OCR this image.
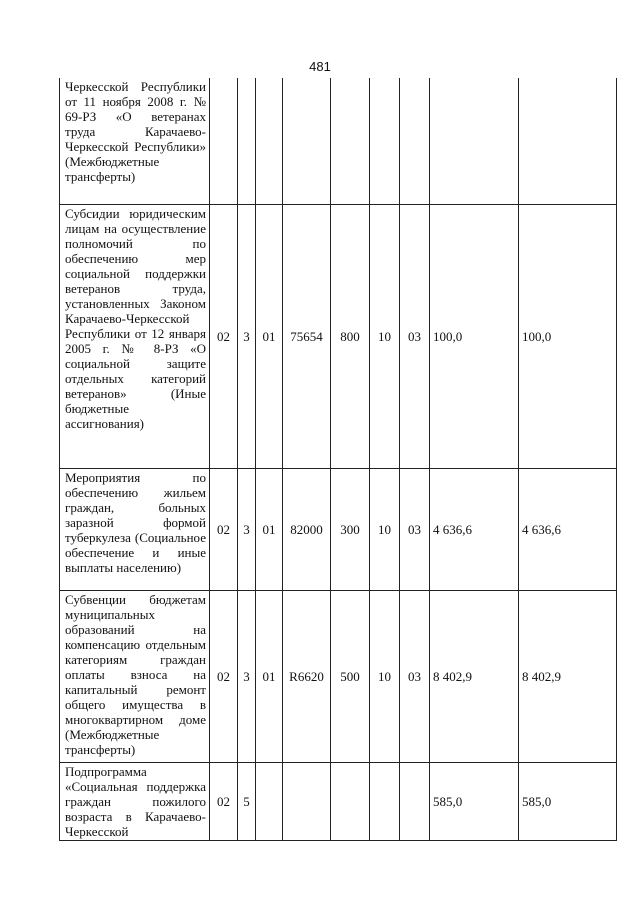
481
Черкесской Республики от 11 ноября 2008 г. № 69-РЗ «О ветеранах труда Карачаево-Черкесской Республики» (Межбюджетные трансферты)									
Субсидии юридическим лицам на осуществление полномочий по обеспечению мер социальной поддержки ветеранов труда, установленных Законом Карачаево-Черкесской Республики от 12 января 2005 г. № 8-РЗ «О социальной защите отдельных категорий ветеранов» (Иные бюджетные ассигнования)	02	3	01	75654	800	10	03	100,0	100,0
Мероприятия по обеспечению жильем граждан, больных заразной формой туберкулеза (Социальное обеспечение и иные выплаты населению)	02	3	01	82000	300	10	03	4 636,6	4 636,6
Субвенции бюджетам муниципальных образований на компенсацию отдельным категориям граждан оплаты взноса на капитальный ремонт общего имущества в многоквартирном доме (Межбюджетные трансферты)	02	3	01	R6620	500	10	03	8 402,9	8 402,9
Подпрограмма «Социальная поддержка граждан пожилого возраста в Карачаево-Черкесской	02	5						585,0	585,0
